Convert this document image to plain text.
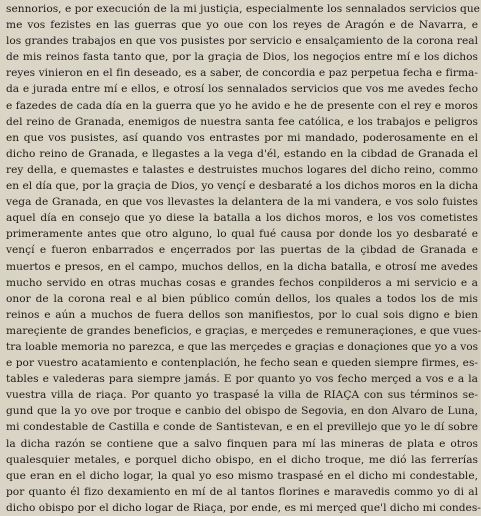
sennorios, e por execución de la mi justiçia, especialmente los sennalados servicios que
me vos fezistes en las guerras que yo oue con los reyes de Aragón e de Navarra, e
los grandes trabajos en que vos pusistes por servicio e ensalçamiento de la corona real
de mis reinos fasta tanto que, por la graçia de Dios, los negoçios entre mí e los dichos
reyes vinieron en el fin deseado, es a saber, de concordia e paz perpetua fecha e firma-
da e jurada entre mí e ellos, e otrosí los sennalados servicios que vos me avedes fecho
e fazedes de cada día en la guerra que yo he avido e he de presente con el rey e moros
del reino de Granada, enemigos de nuestra santa fee católica, e los trabajos e peligros
en que vos pusistes, así quando vos entrastes por mi mandado, poderosamente en el
dicho reino de Granada, e llegastes a la vega d'él, estando en la cibdad de Granada el
rey della, e quemastes e talastes e destruistes muchos logares del dicho reino, commo
en el día que, por la graçia de Dios, yo vençí e desbaraté a los dichos moros en la dicha
vega de Granada, en que vos llevastes la delantera de la mi vandera, e vos solo fuistes
aquel día en consejo que yo diese la batalla a los dichos moros, e los vos cometistes
primeramente antes que otro alguno, lo qual fué causa por donde los yo desbaraté e
vençí e fueron enbarrados e ençerrados por las puertas de la çibdad de Granada e
muertos e presos, en el campo, muchos dellos, en la dicha batalla, e otrosí me avedes
mucho servido en otras muchas cosas e grandes fechos conpilderos a mi servicio e a
onor de la corona real e al bien público común dellos, los quales a todos los de mis
reinos e aún a muchos de fuera dellos son manifiestos, por lo cual sois digno e bien
mareçiente de grandes beneficios, e graçias, e merçedes e remuneraçiones, e que vues-
tra loable memoria no parezca, e que las merçedes e graçias e donaçiones que yo a vos
e por vuestro acatamiento e contenplación, he fecho sean e queden siempre firmes, es-
tables e valederas para siempre jamás. E por quanto yo vos fecho merçed a vos e a la
vuestra villa de riaça. Por quanto yo traspasé la villa de RIAÇA con sus términos se-
gund que la yo ove por troque e canbio del obispo de Segovia, en don Alvaro de Luna,
mi condestable de Castilla e conde de Santistevan, e en el previllejo que yo le dí sobre
la dicha razón se contiene que a salvo finquen para mí las mineras de plata e otros
qualesquier metales, e porquel dicho obispo, en el dicho troque, me dió las ferrerías
que eran en el dicho logar, la qual yo eso mismo traspasé en el dicho mi condestable,
por quanto él fizo dexamiento en mí de al tantos florines e maravedis commo yo di al
dicho obispo por el dicho logar de Riaça, por ende, es mi merçed que'l dicho mi condes-
